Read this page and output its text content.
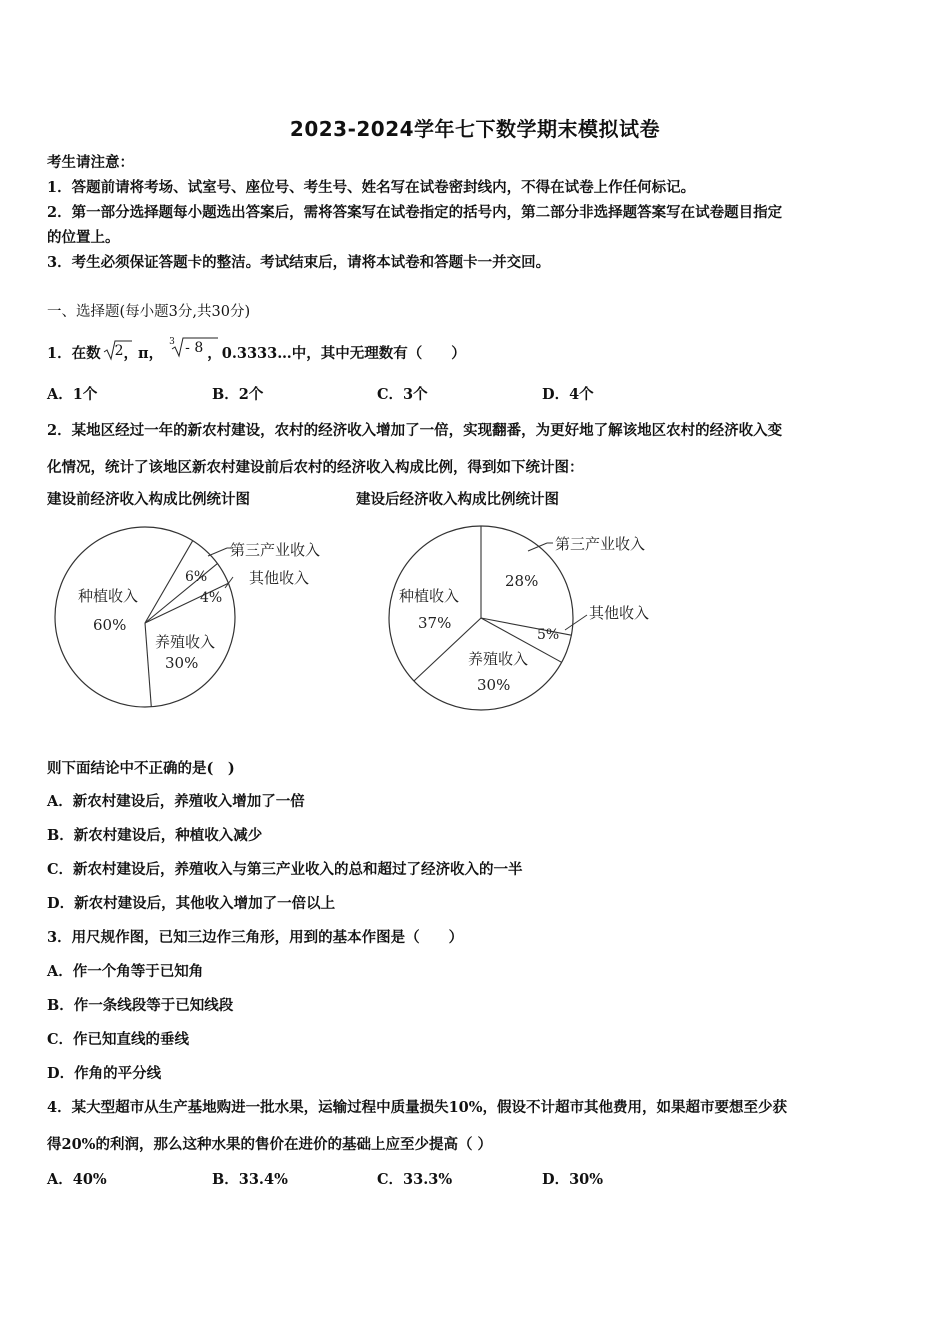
2023-2024学年七下数学期末模拟试卷
考生请注意：
1．答题前请将考场、试室号、座位号、考生号、姓名写在试卷密封线内，不得在试卷上作任何标记。
2．第一部分选择题每小题选出答案后，需将答案写在试卷指定的括号内，第二部分非选择题答案写在试卷题目指定
的位置上。
3．考生必须保证答题卡的整洁。考试结束后，请将本试卷和答题卡一并交回。
一、选择题(每小题3分,共30分)
1．在数 2，π，
3 - 8 ，0.3333…中，其中无理数有（　　）
A．1个	B．2个	C．3个	D．4个
2．某地区经过一年的新农村建设，农村的经济收入增加了一倍，实现翻番，为更好地了解该地区农村的经济收入变
化情况，统计了该地区新农村建设前后农村的经济收入构成比例，得到如下统计图：
建设前经济收入构成比例统计图	建设后经济收入构成比例统计图
第三产业收入
其他收入
种植收入
60%
6%
4%
养殖收入
30%
第三产业收入
28%
其他收入
5%
种植收入
37%
养殖收入
30%
则下面结论中不正确的是(　)
A．新农村建设后，养殖收入增加了一倍
B．新农村建设后，种植收入减少
C．新农村建设后，养殖收入与第三产业收入的总和超过了经济收入的一半
D．新农村建设后，其他收入增加了一倍以上
3．用尺规作图，已知三边作三角形，用到的基本作图是（　　）
A．作一个角等于已知角
B．作一条线段等于已知线段
C．作已知直线的垂线
D．作角的平分线
4．某大型超市从生产基地购进一批水果，运输过程中质量损失10%，假设不计超市其他费用，如果超市要想至少获
得20%的利润，那么这种水果的售价在进价的基础上应至少提高（ ）
A．40%	B．33.4%	C．33.3%	D．30%
